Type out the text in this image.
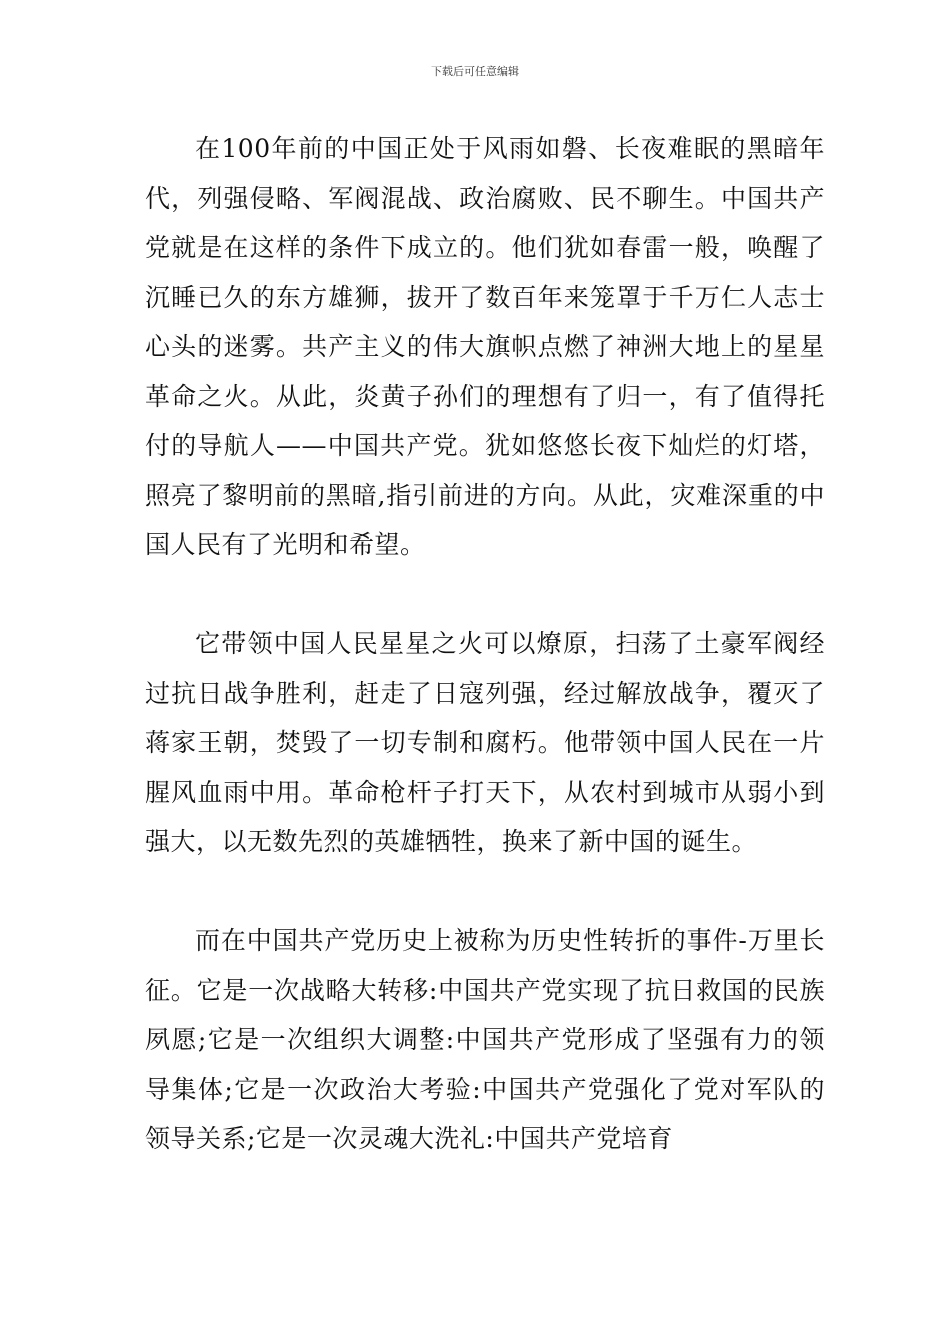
下载后可任意编辑

在100年前的中国正处于风雨如磐、长夜难眠的黑暗年代，列强侵略、军阀混战、政治腐败、民不聊生。中国共产党就是在这样的条件下成立的。他们犹如春雷一般，唤醒了沉睡已久的东方雄狮，拔开了数百年来笼罩于千万仁人志士心头的迷雾。共产主义的伟大旗帜点燃了神洲大地上的星星革命之火。从此，炎黄子孙们的理想有了归一，有了值得托付的导航人——中国共产党。犹如悠悠长夜下灿烂的灯塔，照亮了黎明前的黑暗,指引前进的方向。从此，灾难深重的中国人民有了光明和希望。

它带领中国人民星星之火可以燎原，扫荡了土豪军阀经过抗日战争胜利，赶走了日寇列强，经过解放战争，覆灭了蒋家王朝，焚毁了一切专制和腐朽。他带领中国人民在一片腥风血雨中用。革命枪杆子打天下，从农村到城市从弱小到强大，以无数先烈的英雄牺牲，换来了新中国的诞生。

而在中国共产党历史上被称为历史性转折的事件-万里长征。它是一次战略大转移:中国共产党实现了抗日救国的民族夙愿;它是一次组织大调整:中国共产党形成了坚强有力的领导集体;它是一次政治大考验:中国共产党强化了党对军队的领导关系;它是一次灵魂大洗礼:中国共产党培育
